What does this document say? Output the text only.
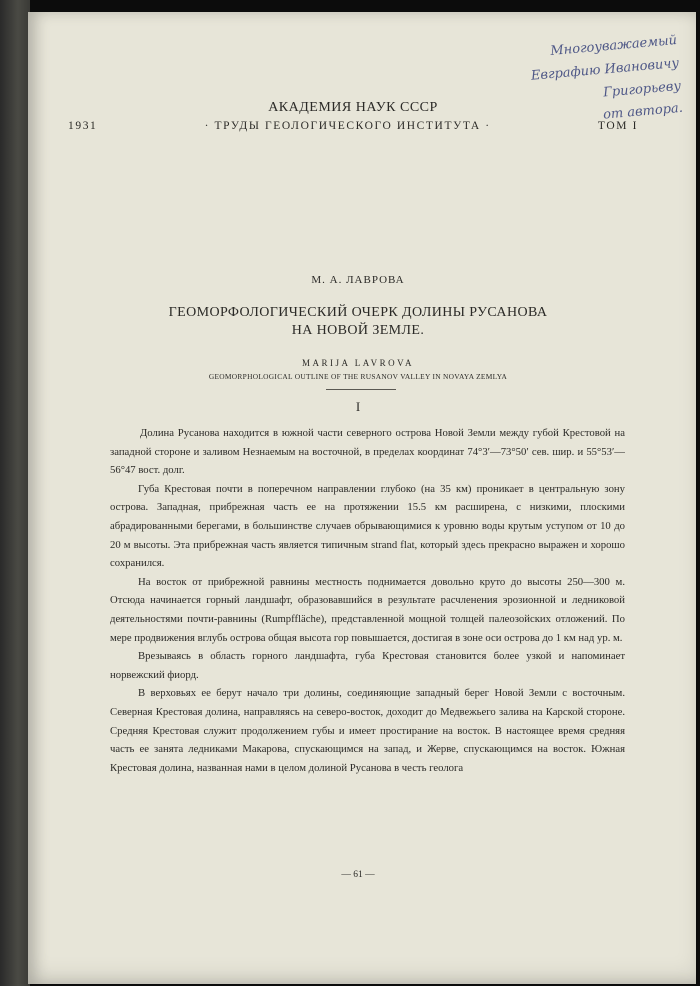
Многоуважаемый
Евграфию Ивановичу
Григорьеву
от автора.
АКАДЕМИЯ НАУК СССР
1931	· ТРУДЫ ГЕОЛОГИЧЕСКОГО ИНСТИТУТА ·	ТОМ I
М. А. ЛАВРОВА
ГЕОМОРФОЛОГИЧЕСКИЙ ОЧЕРК ДОЛИНЫ РУСАНОВА
НА НОВОЙ ЗЕМЛЕ.
MARIJA LAVROVA
GEOMORPHOLOGICAL OUTLINE OF THE RUSANOV VALLEY IN NOVAYA ZEMLYA
I

Долина Русанова находится в южной части северного острова Новой Земли между губой Крестовой на западной стороне и заливом Незнаемым на восточной, в пределах координат 74°3′—73°50′ сев. шир. и 55°53′—56°47 вост. долг.

Губа Крестовая почти в поперечном направлении глубоко (на 35 км) проникает в центральную зону острова. Западная, прибрежная часть ее на протяжении 15.5 км расширена, с низкими, плоскими абрадированными берегами, в большинстве случаев обрывающимися к уровню воды крутым уступом от 10 до 20 м высоты. Эта прибрежная часть является типичным strand flat, который здесь прекрасно выражен и хорошо сохранился.

На восток от прибрежной равнины местность поднимается довольно круто до высоты 250—300 м. Отсюда начинается горный ландшафт, образовавшийся в результате расчленения эрозионной и ледниковой деятельностями почти-равнины (Rumpffläche), представленной мощной толщей палеозойских отложений. По мере продвижения вглубь острова общая высота гор повышается, достигая в зоне оси острова до 1 км над ур. м.

Врезываясь в область горного ландшафта, губа Крестовая становится более узкой и напоминает норвежский фиорд.

В верховьях ее берут начало три долины, соединяющие западный берег Новой Земли с восточным. Северная Крестовая долина, направляясь на северо-восток, доходит до Медвежьего залива на Карской стороне. Средняя Крестовая служит продолжением губы и имеет простирание на восток. В настоящее время средняя часть ее занята ледниками Макарова, спускающимся на запад, и Жерве, спускающимся на восток. Южная Крестовая долина, названная нами в целом долиной Русанова в честь геолога

— 61 —
